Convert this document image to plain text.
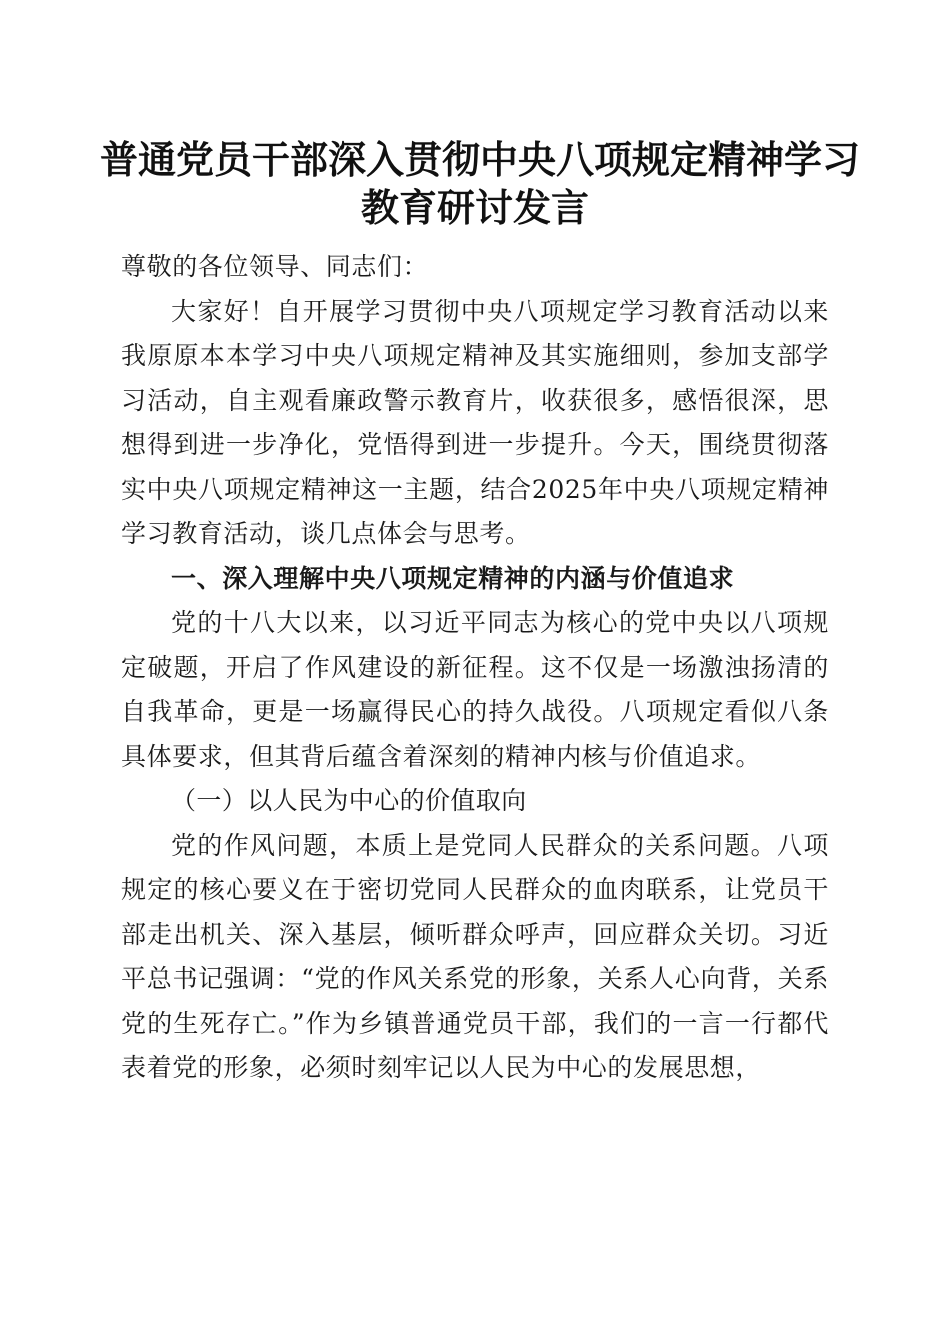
普通党员干部深入贯彻中央八项规定精神学习
教育研讨发言

尊敬的各位领导、同志们：

大家好！自开展学习贯彻中央八项规定学习教育活动以来我原原本本学习中央八项规定精神及其实施细则，参加支部学习活动，自主观看廉政警示教育片，收获很多，感悟很深，思想得到进一步净化，党悟得到进一步提升。今天，围绕贯彻落实中央八项规定精神这一主题，结合2025年中央八项规定精神学习教育活动，谈几点体会与思考。

一、深入理解中央八项规定精神的内涵与价值追求

党的十八大以来，以习近平同志为核心的党中央以八项规定破题，开启了作风建设的新征程。这不仅是一场激浊扬清的自我革命，更是一场赢得民心的持久战役。八项规定看似八条具体要求，但其背后蕴含着深刻的精神内核与价值追求。

（一）以人民为中心的价值取向

党的作风问题，本质上是党同人民群众的关系问题。八项规定的核心要义在于密切党同人民群众的血肉联系，让党员干部走出机关、深入基层，倾听群众呼声，回应群众关切。习近平总书记强调：“党的作风关系党的形象，关系人心向背，关系党的生死存亡。”作为乡镇普通党员干部，我们的一言一行都代表着党的形象，必须时刻牢记以人民为中心的发展思想，
